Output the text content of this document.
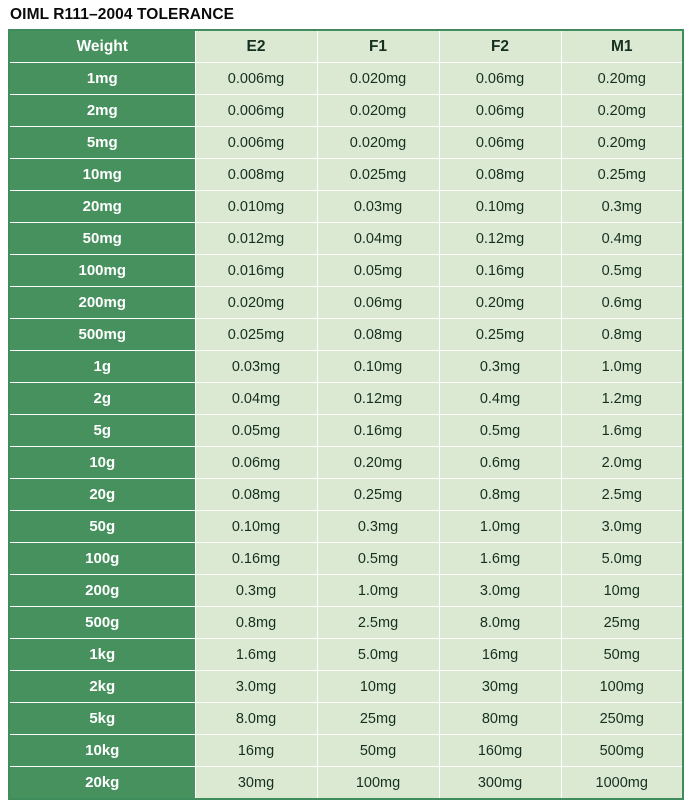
OIML R111–2004 TOLERANCE
Weight	E2	F1	F2	M1
1mg	0.006mg	0.020mg	0.06mg	0.20mg
2mg	0.006mg	0.020mg	0.06mg	0.20mg
5mg	0.006mg	0.020mg	0.06mg	0.20mg
10mg	0.008mg	0.025mg	0.08mg	0.25mg
20mg	0.010mg	0.03mg	0.10mg	0.3mg
50mg	0.012mg	0.04mg	0.12mg	0.4mg
100mg	0.016mg	0.05mg	0.16mg	0.5mg
200mg	0.020mg	0.06mg	0.20mg	0.6mg
500mg	0.025mg	0.08mg	0.25mg	0.8mg
1g	0.03mg	0.10mg	0.3mg	1.0mg
2g	0.04mg	0.12mg	0.4mg	1.2mg
5g	0.05mg	0.16mg	0.5mg	1.6mg
10g	0.06mg	0.20mg	0.6mg	2.0mg
20g	0.08mg	0.25mg	0.8mg	2.5mg
50g	0.10mg	0.3mg	1.0mg	3.0mg
100g	0.16mg	0.5mg	1.6mg	5.0mg
200g	0.3mg	1.0mg	3.0mg	10mg
500g	0.8mg	2.5mg	8.0mg	25mg
1kg	1.6mg	5.0mg	16mg	50mg
2kg	3.0mg	10mg	30mg	100mg
5kg	8.0mg	25mg	80mg	250mg
10kg	16mg	50mg	160mg	500mg
20kg	30mg	100mg	300mg	1000mg
